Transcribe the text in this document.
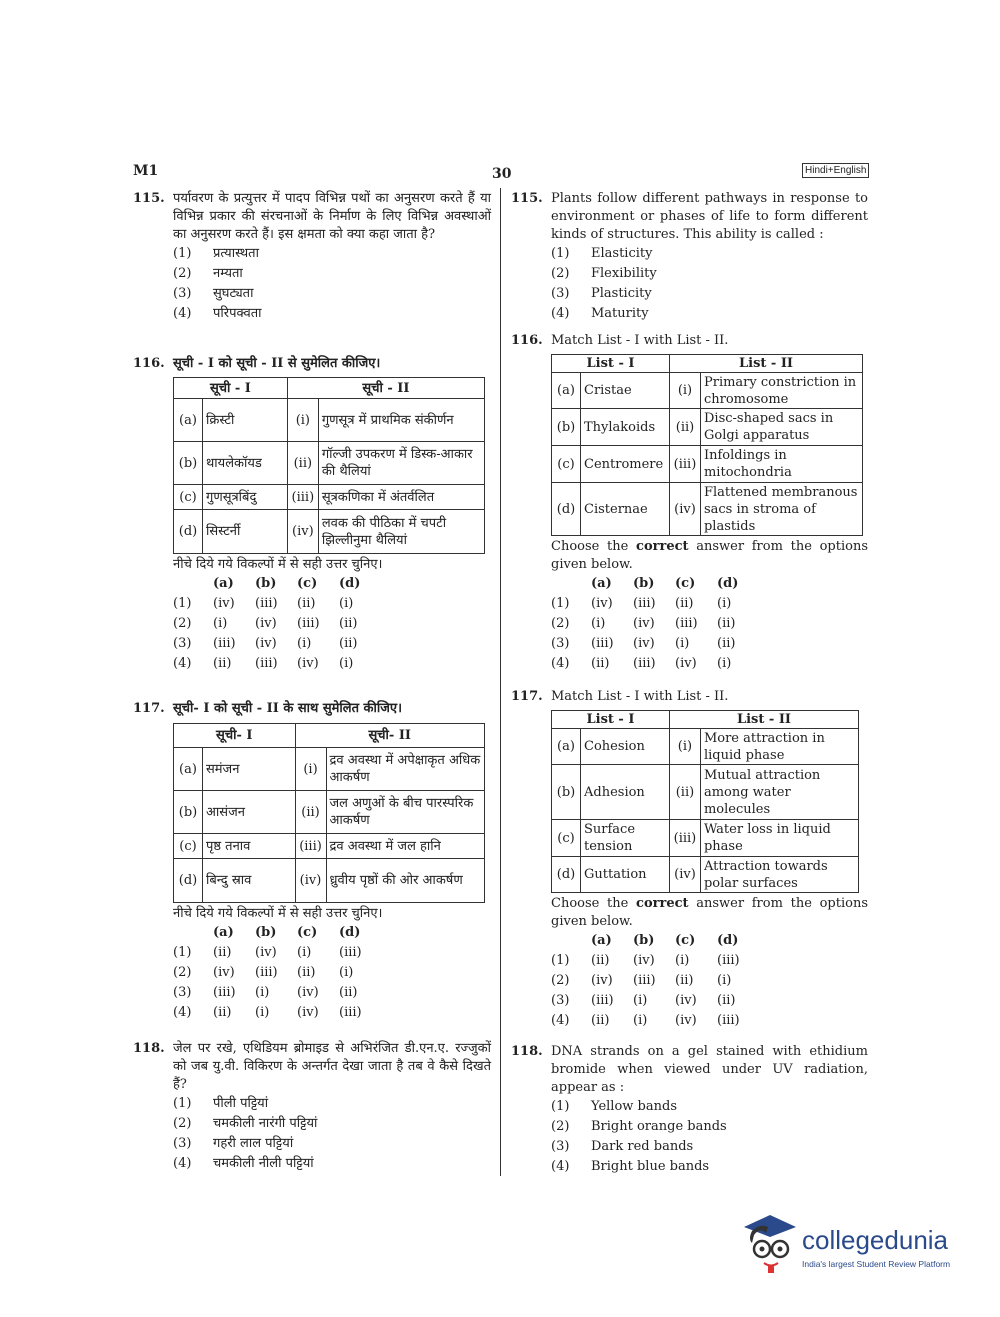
M1	30	Hindi+English
115. पर्यावरण के प्रत्युत्तर में पादप विभिन्न पथों का अनुसरण करते हैं या विभिन्न प्रकार की संरचनाओं के निर्माण के लिए विभिन्न अवस्थाओं का अनुसरण करते हैं। इस क्षमता को क्या कहा जाता है?
(1)	प्रत्यास्थता
(2)	नम्यता
(3)	सुघट्यता
(4)	परिपक्वता
116. सूची - I को सूची - II से सुमेलित कीजिए।
सूची - I		सूची - II	
(a)	क्रिस्टी	(i)	गुणसूत्र में प्राथमिक संकीर्णन
(b)	थायलेकॉयड	(ii)	गॉल्जी उपकरण में डिस्क-आकार की थैलियां
(c)	गुणसूत्रबिंदु	(iii)	सूत्रकणिका में अंतर्वलित
(d)	सिस्टर्नी	(iv)	लवक की पीठिका में चपटी झिल्लीनुमा थैलियां
नीचे दिये गये विकल्पों में से सही उत्तर चुनिए।
(a)	(b)	(c)	(d)
(1)	(iv)	(iii)	(ii)	(i)
(2)	(i)	(iv)	(iii)	(ii)
(3)	(iii)	(iv)	(i)	(ii)
(4)	(ii)	(iii)	(iv)	(i)
117. सूची- I को सूची - II के साथ सुमेलित कीजिए।
सूची- I		सूची- II	
(a)	समंजन	(i)	द्रव अवस्था में अपेक्षाकृत अधिक आकर्षण
(b)	आसंजन	(ii)	जल अणुओं के बीच पारस्परिक आकर्षण
(c)	पृष्ठ तनाव	(iii)	द्रव अवस्था में जल हानि
(d)	बिन्दु स्राव	(iv)	ध्रुवीय पृष्ठों की ओर आकर्षण
नीचे दिये गये विकल्पों में से सही उत्तर चुनिए।
(a)	(b)	(c)	(d)
(1)	(ii)	(iv)	(i)	(iii)
(2)	(iv)	(iii)	(ii)	(i)
(3)	(iii)	(i)	(iv)	(ii)
(4)	(ii)	(i)	(iv)	(iii)
118. जेल पर रखे, एथिडियम ब्रोमाइड से अभिरंजित डी.एन.ए. रज्जुकों को जब यु.वी. विकिरण के अन्तर्गत देखा जाता है तब वे कैसे दिखते हैं?
(1)	पीली पट्टियां
(2)	चमकीली नारंगी पट्टियां
(3)	गहरी लाल पट्टियां
(4)	चमकीली नीली पट्टियां
115. Plants follow different pathways in response to environment or phases of life to form different kinds of structures. This ability is called :
(1)	Elasticity
(2)	Flexibility
(3)	Plasticity
(4)	Maturity
116. Match List - I with List - II.
List - I		List - II	
(a)	Cristae	(i)	Primary constriction in chromosome
(b)	Thylakoids	(ii)	Disc-shaped sacs in Golgi apparatus
(c)	Centromere	(iii)	Infoldings in mitochondria
(d)	Cisternae	(iv)	Flattened membranous sacs in stroma of plastids
Choose the correct answer from the options given below.
(a)	(b)	(c)	(d)
(1)	(iv)	(iii)	(ii)	(i)
(2)	(i)	(iv)	(iii)	(ii)
(3)	(iii)	(iv)	(i)	(ii)
(4)	(ii)	(iii)	(iv)	(i)
117. Match List - I with List - II.
List - I		List - II	
(a)	Cohesion	(i)	More attraction in liquid phase
(b)	Adhesion	(ii)	Mutual attraction among water molecules
(c)	Surface tension	(iii)	Water loss in liquid phase
(d)	Guttation	(iv)	Attraction towards polar surfaces
Choose the correct answer from the options given below.
(a)	(b)	(c)	(d)
(1)	(ii)	(iv)	(i)	(iii)
(2)	(iv)	(iii)	(ii)	(i)
(3)	(iii)	(i)	(iv)	(ii)
(4)	(ii)	(i)	(iv)	(iii)
118. DNA strands on a gel stained with ethidium bromide when viewed under UV radiation, appear as :
(1)	Yellow bands
(2)	Bright orange bands
(3)	Dark red bands
(4)	Bright blue bands
collegedunia
India's largest Student Review Platform
